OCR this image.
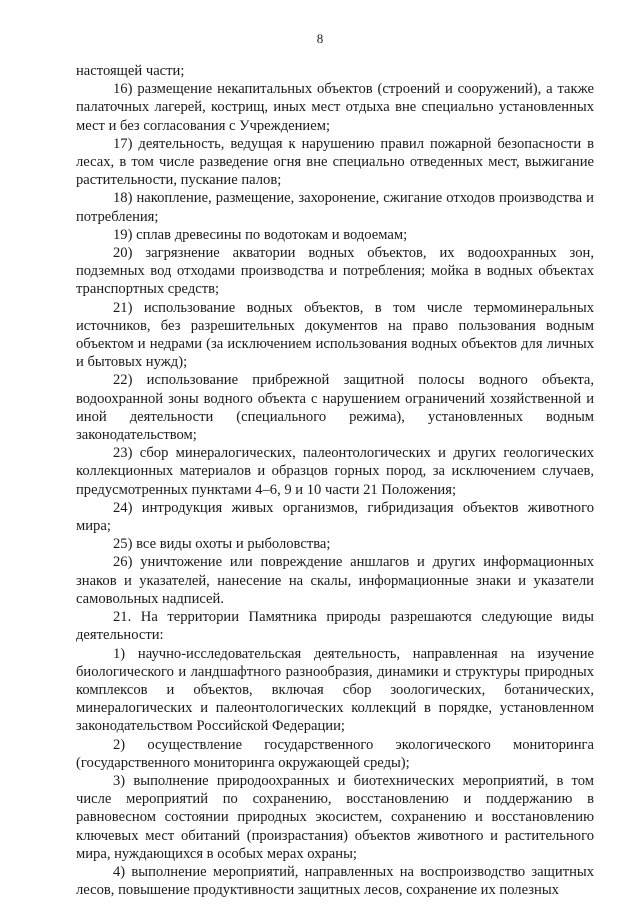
8

настоящей части;

16) размещение некапитальных объектов (строений и сооружений), а также палаточных лагерей, кострищ, иных мест отдыха вне специально установленных мест и без согласования с Учреждением;

17) деятельность, ведущая к нарушению правил пожарной безопасности в лесах, в том числе разведение огня вне специально отведенных мест, выжигание растительности, пускание палов;

18) накопление, размещение, захоронение, сжигание отходов производства и потребления;

19) сплав древесины по водотокам и водоемам;

20) загрязнение акватории водных объектов, их водоохранных зон, подземных вод отходами производства и потребления; мойка в водных объектах транспортных средств;

21) использование водных объектов, в том числе термоминеральных источников, без разрешительных документов на право пользования водным объектом и недрами (за исключением использования водных объектов для личных и бытовых нужд);

22) использование прибрежной защитной полосы водного объекта, водоохранной зоны водного объекта с нарушением ограничений хозяйственной и иной деятельности (специального режима), установленных водным законодательством;

23) сбор минералогических, палеонтологических и других геологических коллекционных материалов и образцов горных пород, за исключением случаев, предусмотренных пунктами 4–6, 9 и 10 части 21 Положения;

24) интродукция живых организмов, гибридизация объектов животного мира;

25) все виды охоты и рыболовства;

26) уничтожение или повреждение аншлагов и других информационных знаков и указателей, нанесение на скалы, информационные знаки и указатели самовольных надписей.

21. На территории Памятника природы разрешаются следующие виды деятельности:

1) научно-исследовательская деятельность, направленная на изучение биологического и ландшафтного разнообразия, динамики и структуры природных комплексов и объектов, включая сбор зоологических, ботанических, минералогических и палеонтологических коллекций в порядке, установленном законодательством Российской Федерации;

2) осуществление государственного экологического мониторинга (государственного мониторинга окружающей среды);

3) выполнение природоохранных и биотехнических мероприятий, в том числе мероприятий по сохранению, восстановлению и поддержанию в равновесном состоянии природных экосистем, сохранению и восстановлению ключевых мест обитаний (произрастания) объектов животного и растительного мира, нуждающихся в особых мерах охраны;

4) выполнение мероприятий, направленных на воспроизводство защитных лесов, повышение продуктивности защитных лесов, сохранение их полезных
